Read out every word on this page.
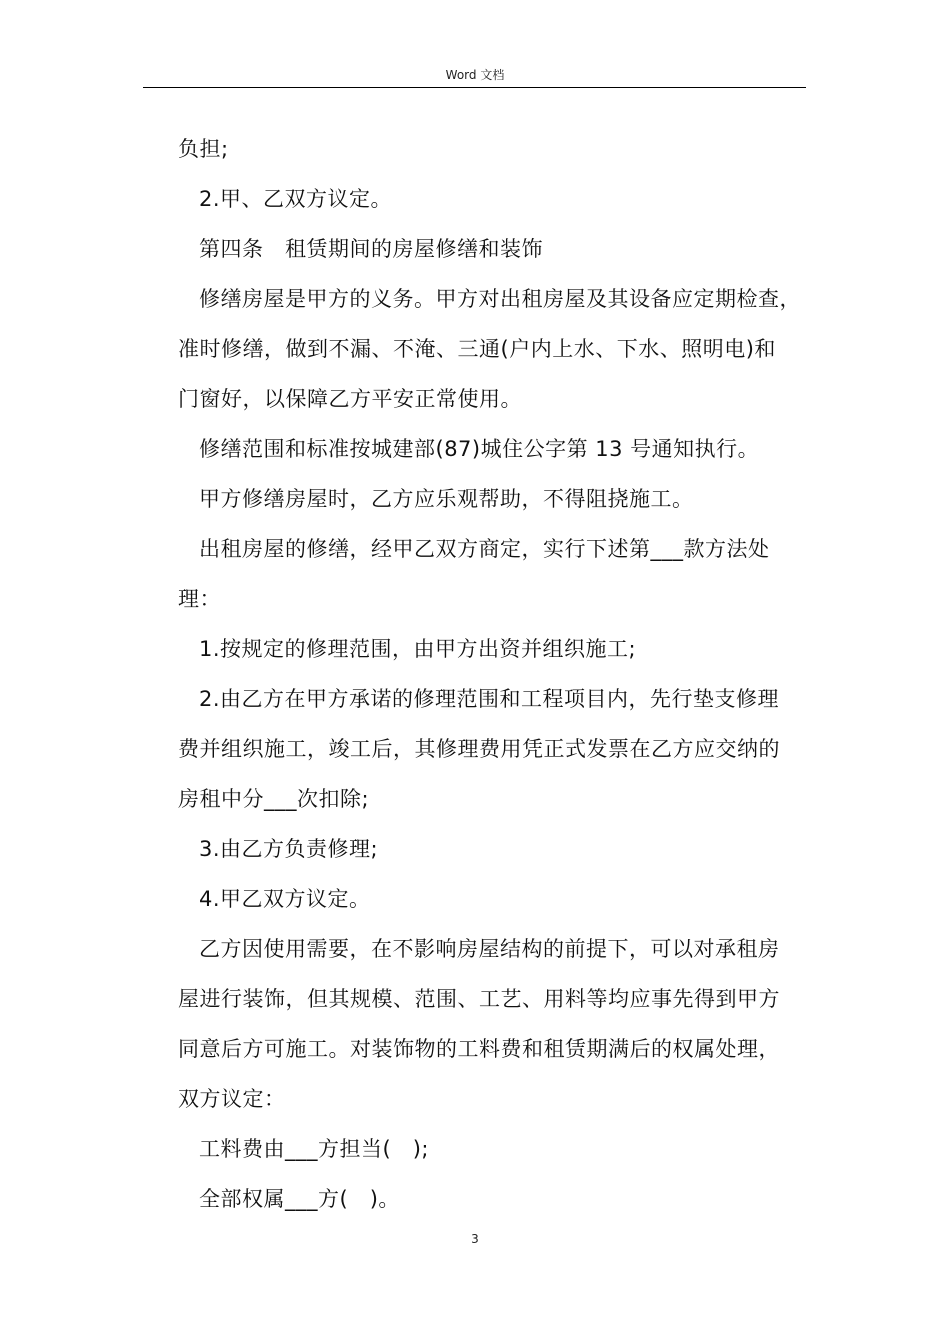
Word 文档
负担;
2.甲、乙双方议定。
第四条　租赁期间的房屋修缮和装饰
修缮房屋是甲方的义务。甲方对出租房屋及其设备应定期检查，
准时修缮，做到不漏、不淹、三通(户内上水、下水、照明电)和
门窗好，以保障乙方平安正常使用。
修缮范围和标准按城建部(87)城住公字第 13 号通知执行。
甲方修缮房屋时，乙方应乐观帮助，不得阻挠施工。
出租房屋的修缮，经甲乙双方商定，实行下述第___款方法处
理：
1.按规定的修理范围，由甲方出资并组织施工;
2.由乙方在甲方承诺的修理范围和工程项目内，先行垫支修理
费并组织施工，竣工后，其修理费用凭正式发票在乙方应交纳的
房租中分___次扣除;
3.由乙方负责修理;
4.甲乙双方议定。
乙方因使用需要，在不影响房屋结构的前提下，可以对承租房
屋进行装饰，但其规模、范围、工艺、用料等均应事先得到甲方
同意后方可施工。对装饰物的工料费和租赁期满后的权属处理，
双方议定：
工料费由___方担当(　);
全部权属___方(　)。
3
